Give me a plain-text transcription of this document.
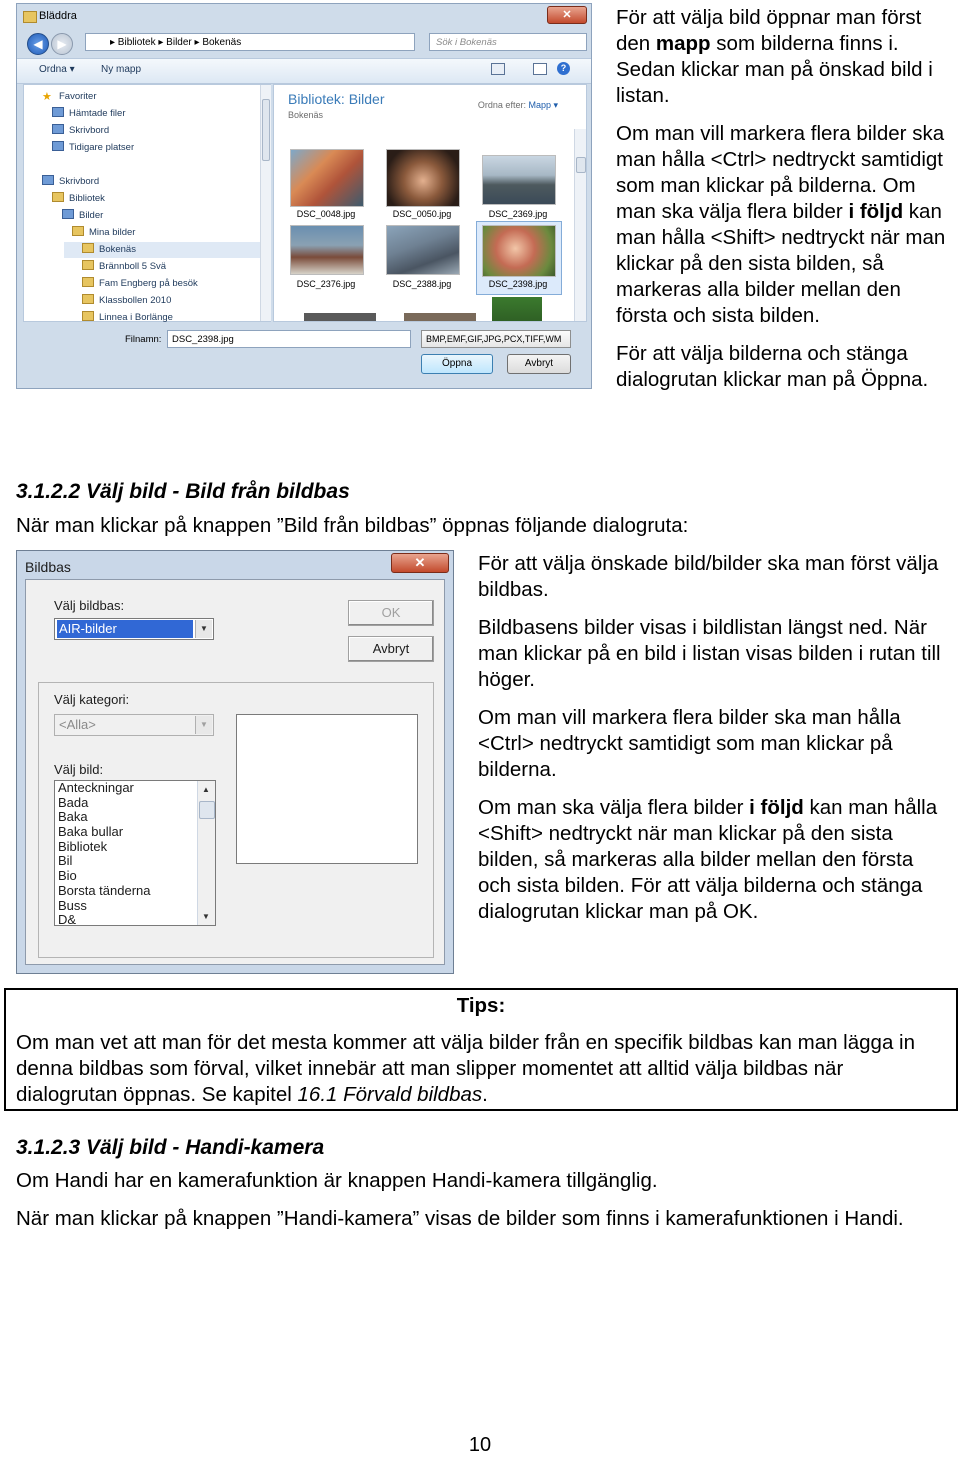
Bläddra	✕
◀	▶	▸ Bibliotek ▸ Bilder ▸ Bokenäs	Sök i Bokenäs
Ordna ▾	Ny mapp	?
★ Favoriter
Hämtade filer
Skrivbord
Tidigare platser
Skrivbord
Bibliotek
Bilder
Mina bilder
Bokenäs
Brännboll 5 Svä
Fam Engberg på besök
Klassbollen 2010
Linnea i Borlänge
Bibliotek: Bilder
Bokenäs
Ordna efter: Mapp ▾
DSC_0048.jpg	DSC_0050.jpg	DSC_2369.jpg
DSC_2376.jpg	DSC_2388.jpg	DSC_2398.jpg
Filnamn:	DSC_2398.jpg	BMP,EMF,GIF,JPG,PCX,TIFF,WM
Öppna	Avbryt

För att välja bild öppnar man först den mapp som bilderna finns i. Sedan klickar man på önskad bild i listan.

Om man vill markera flera bilder ska man hålla <Ctrl> nedtryckt samtidigt som man klickar på bilderna. Om man ska välja flera bilder i följd kan man hålla <Shift> nedtryckt när man klickar på den sista bilden, så markeras alla bilder mellan den första och sista bilden.

För att välja bilderna och stänga dialogrutan klickar man på Öppna.

3.1.2.2 Välj bild - Bild från bildbas
När man klickar på knappen ”Bild från bildbas” öppnas följande dialogruta:
Bildbas	✕
Välj bildbas:
AIR-bilder	▼
OK
Avbryt
Välj kategori:
<Alla>	▼
Välj bild:
Anteckningar
Bada
Baka
Baka bullar
Bibliotek
Bil
Bio
Borsta tänderna
Buss
D&
▲
▼

För att välja önskade bild/bilder ska man först välja bildbas.

Bildbasens bilder visas i bildlistan längst ned. När man klickar på en bild i listan visas bilden i rutan till höger.

Om man vill markera flera bilder ska man hålla <Ctrl> nedtryckt samtidigt som man klickar på bilderna.

Om man ska välja flera bilder i följd kan man hålla <Shift> nedtryckt när man klickar på den sista bilden, så markeras alla bilder mellan den första och sista bilden. För att välja bilderna och stänga dialogrutan klickar man på OK.

Tips:

Om man vet att man för det mesta kommer att välja bilder från en specifik bildbas kan man lägga in denna bildbas som förval, vilket innebär att man slipper momentet att alltid välja bildbas när dialogrutan öppnas. Se kapitel 16.1 Förvald bildbas.

3.1.2.3 Välj bild - Handi-kamera
Om Handi har en kamerafunktion är knappen Handi-kamera tillgänglig.
När man klickar på knappen ”Handi-kamera” visas de bilder som finns i kamerafunktionen i Handi.
10
